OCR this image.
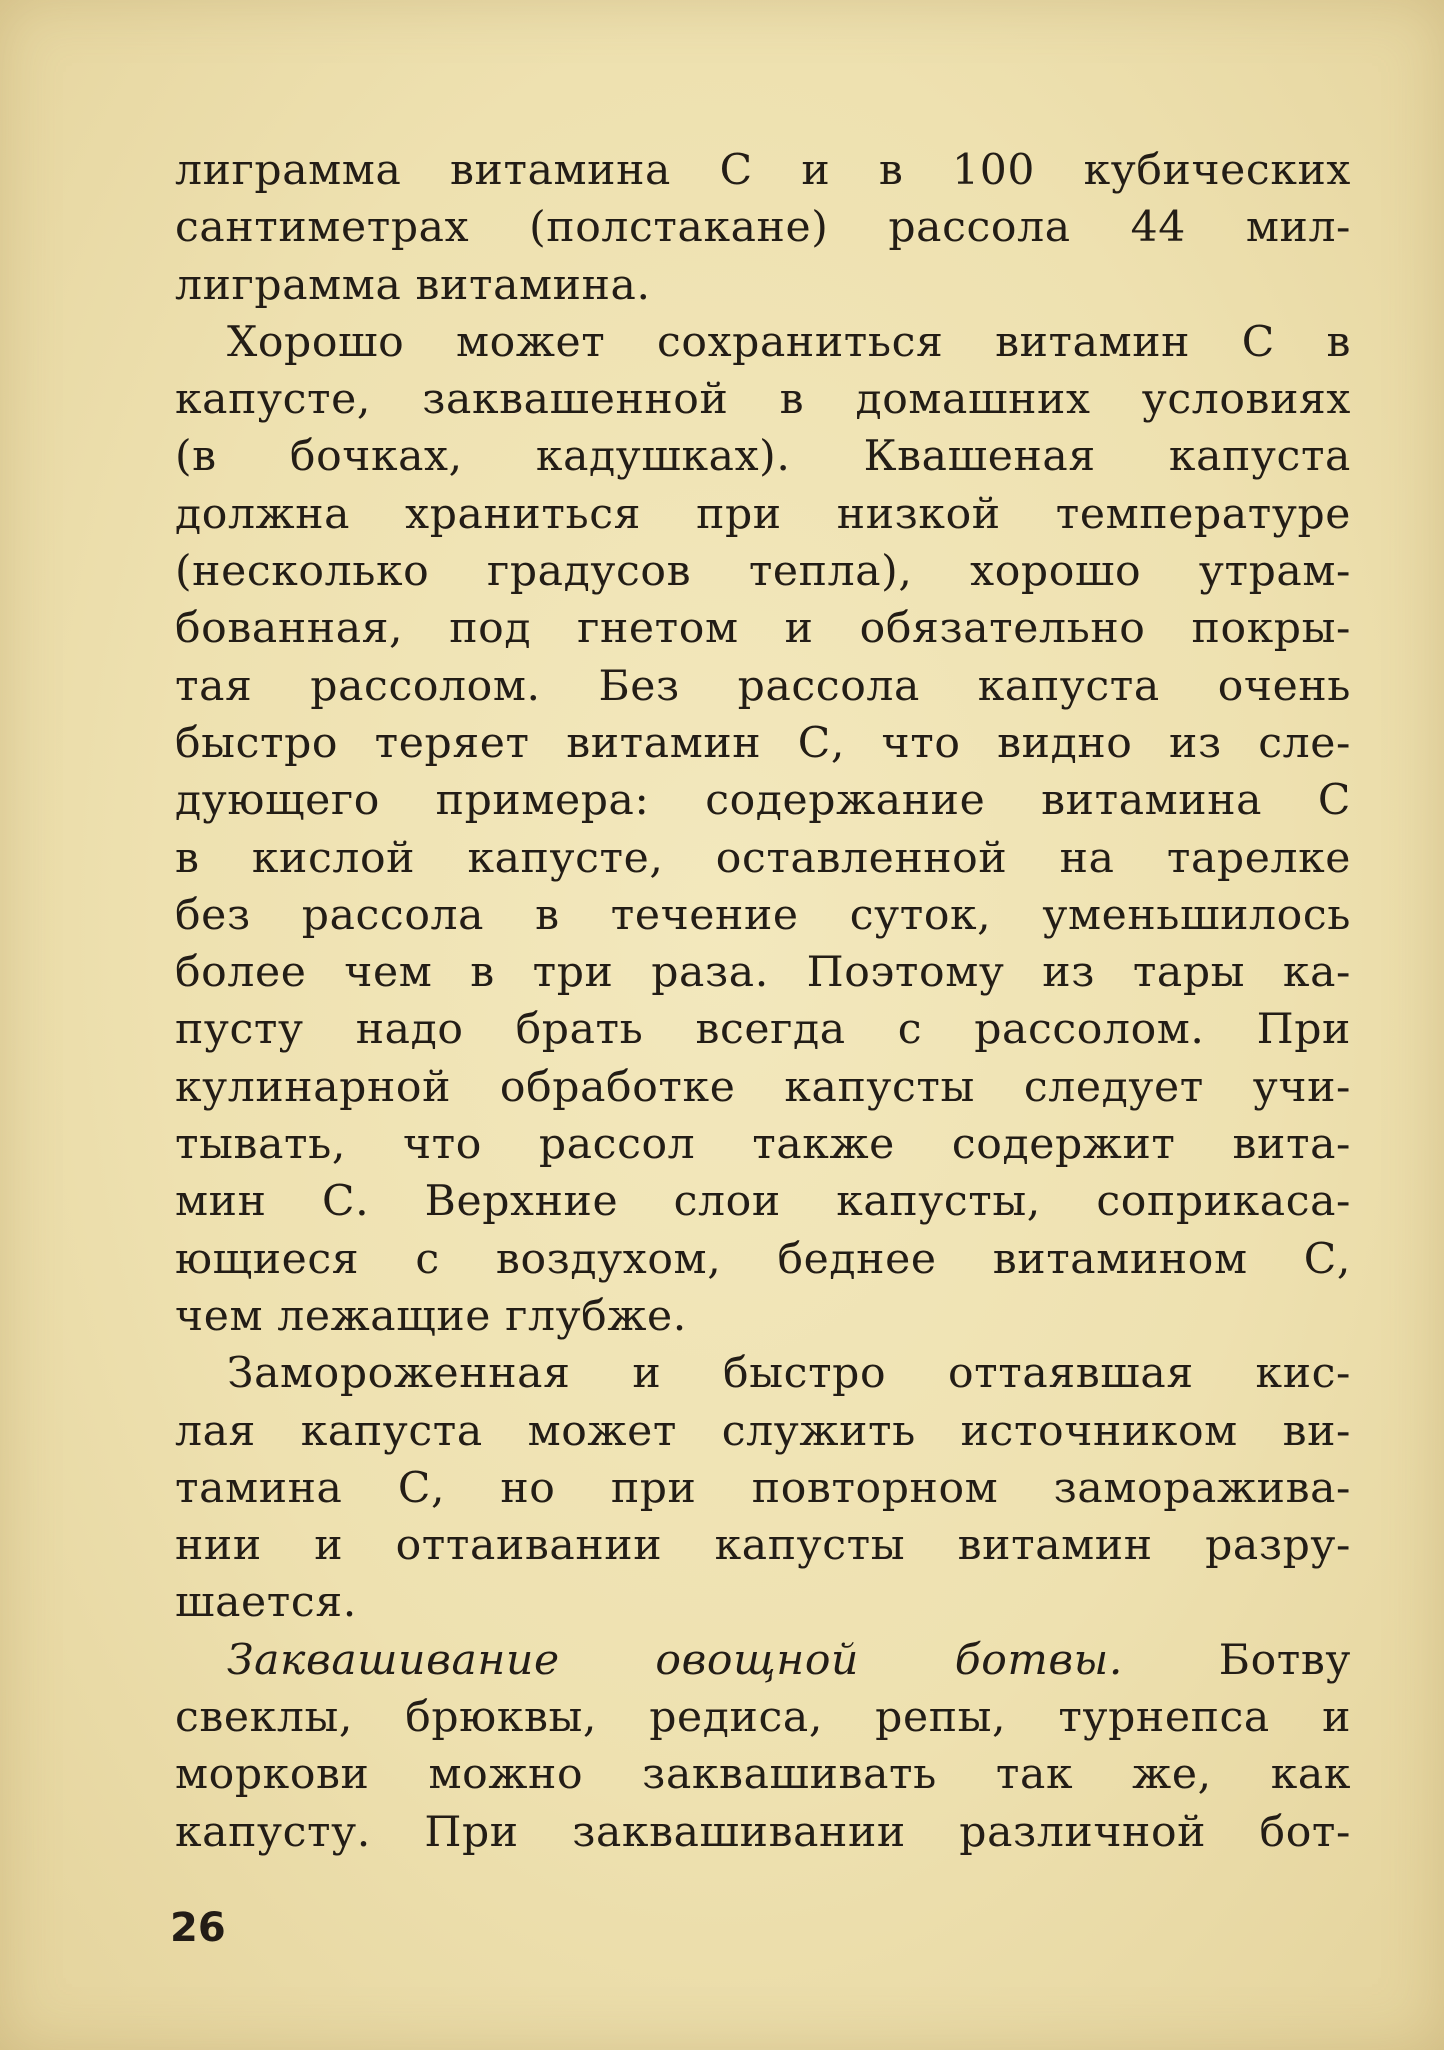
лиграмма витамина С и в 100 кубических
сантиметрах (полстакане) рассола 44 мил-
лиграмма витамина.
Хорошо может сохраниться витамин С в
капусте, заквашенной в домашних условиях
(в бочках, кадушках). Квашеная капуста
должна храниться при низкой температуре
(несколько градусов тепла), хорошо утрам-
бованная, под гнетом и обязательно покры-
тая рассолом. Без рассола капуста очень
быстро теряет витамин С, что видно из сле-
дующего примера: содержание витамина С
в кислой капусте, оставленной на тарелке
без рассола в течение суток, уменьшилось
более чем в три раза. Поэтому из тары ка-
пусту надо брать всегда с рассолом. При
кулинарной обработке капусты следует учи-
тывать, что рассол также содержит вита-
мин С. Верхние слои капусты, соприкаса-
ющиеся с воздухом, беднее витамином С,
чем лежащие глубже.
Замороженная и быстро оттаявшая кис-
лая капуста может служить источником ви-
тамина С, но при повторном заморажива-
нии и оттаивании капусты витамин разру-
шается.
Заквашивание овощной ботвы. Ботву
свеклы, брюквы, редиса, репы, турнепса и
моркови можно заквашивать так же, как
капусту. При заквашивании различной бот-
26
